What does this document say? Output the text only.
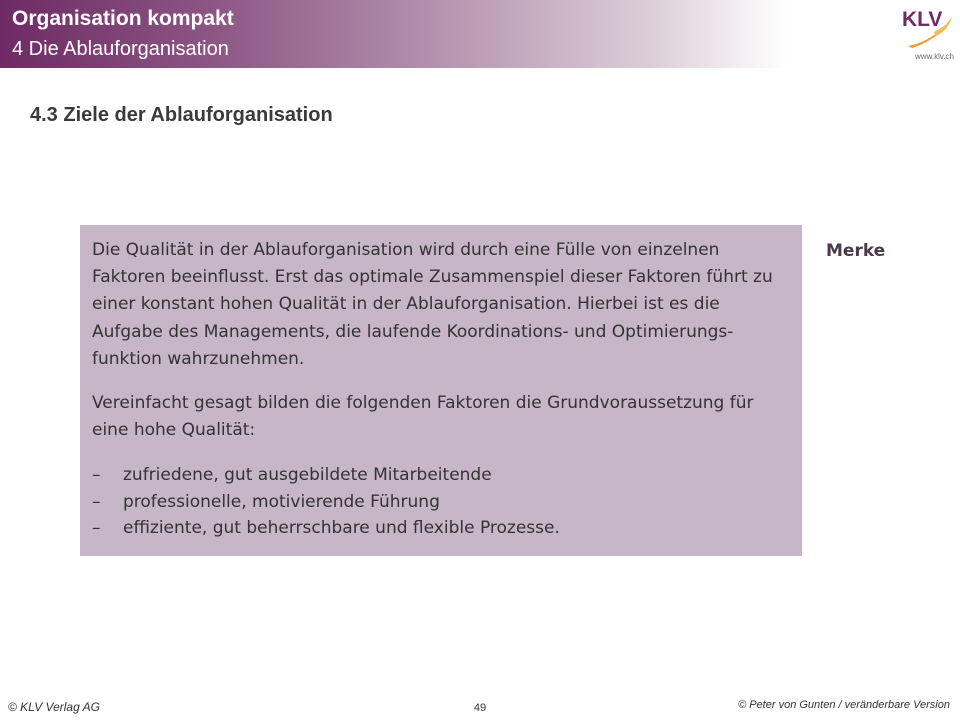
Organisation kompakt
4 Die Ablauforganisation
KLV
www.klv.ch
4.3 Ziele der Ablauforganisation

Die Qualität in der Ablauforganisation wird durch eine Fülle von einzelnen Faktoren beeinflusst. Erst das optimale Zusammenspiel dieser Faktoren führt zu einer konstant hohen Qualität in der Ablauforganisation. Hierbei ist es die Aufgabe des Managements, die laufende Koordinations- und Optimierungsfunktion wahrzunehmen.

Vereinfacht gesagt bilden die folgenden Faktoren die Grundvoraussetzung für eine hohe Qualität:

– zufriedene, gut ausgebildete Mitarbeitende
– professionelle, motivierende Führung
– effiziente, gut beherrschbare und flexible Prozesse.
Merke
© KLV Verlag AG	49	© Peter von Gunten / veränderbare Version
